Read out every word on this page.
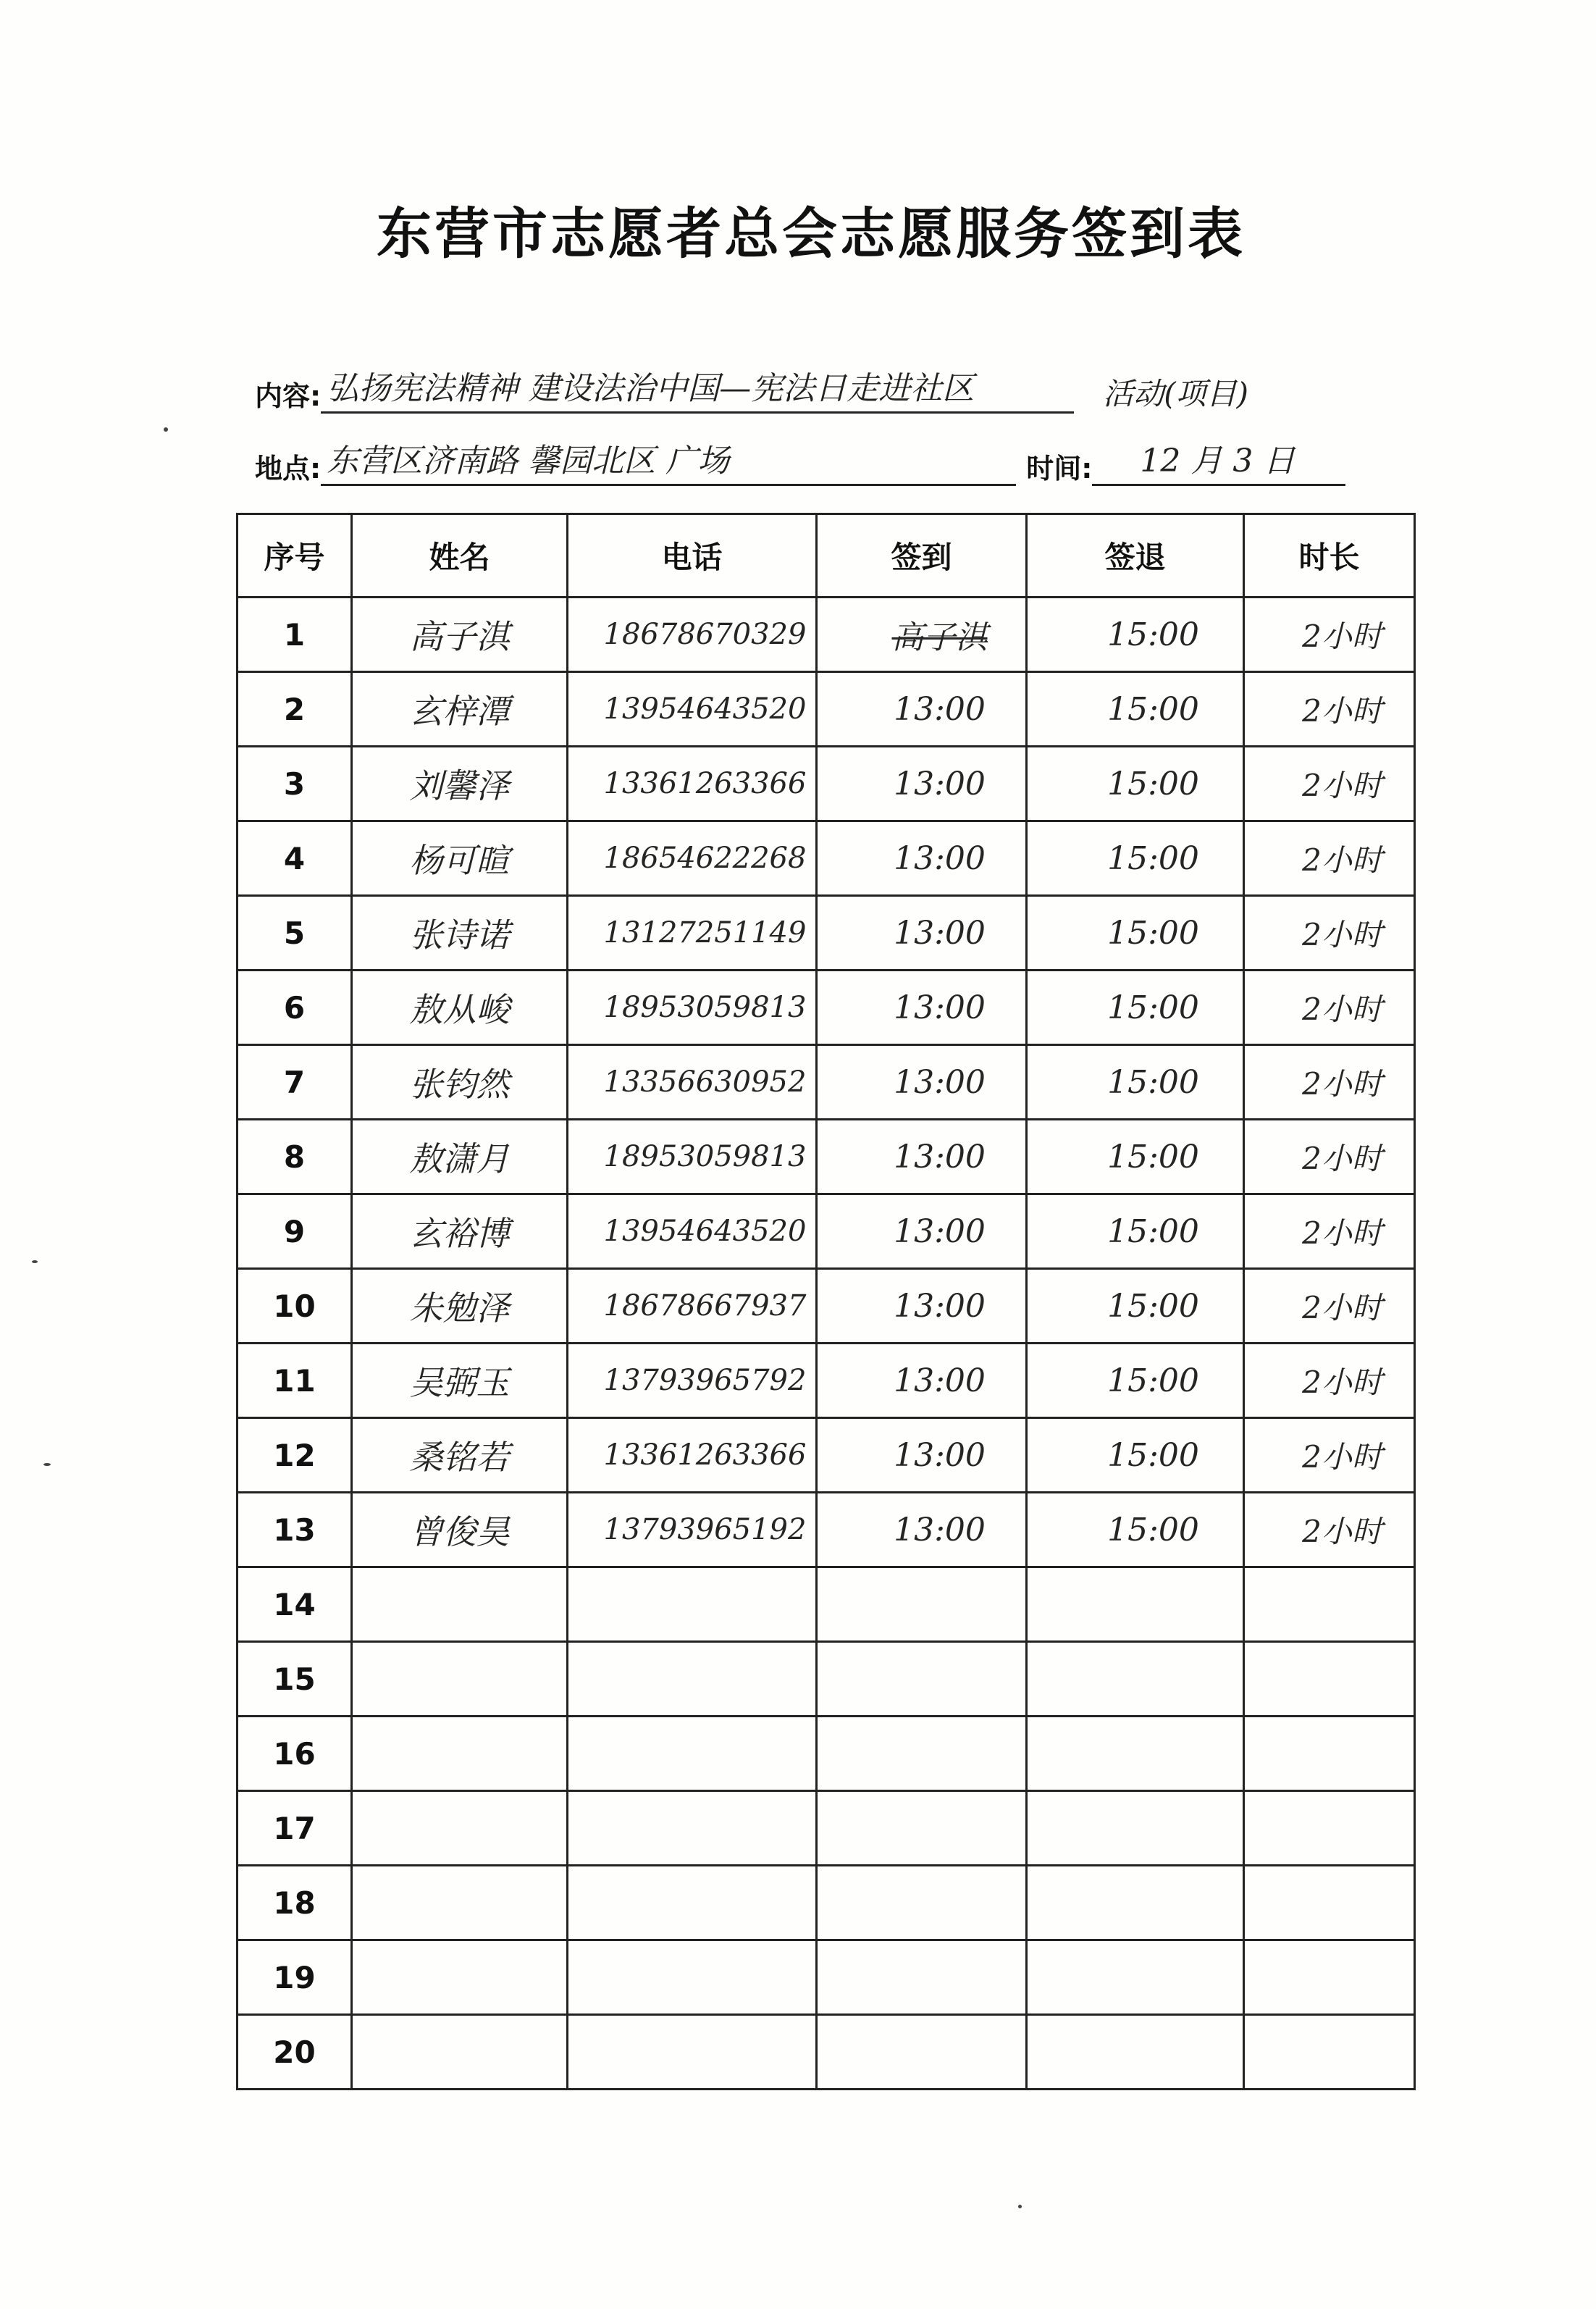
东营市志愿者总会志愿服务签到表
内容: 弘扬宪法精神 建设法治中国—宪法日走进社区	活动(项目)
地点: 东营区济南路 馨园北区 广场	时间:	12 月 3 日
序号	姓名	电话	签到	签退	时长
1	高子淇	18678670329	高子淇	15:00	2小时
2	玄梓潭	13954643520	13:00	15:00	2小时
3	刘馨泽	13361263366	13:00	15:00	2小时
4	杨可暄	18654622268	13:00	15:00	2小时
5	张诗诺	13127251149	13:00	15:00	2小时
6	敖从峻	18953059813	13:00	15:00	2小时
7	张钧然	13356630952	13:00	15:00	2小时
8	敖潇月	18953059813	13:00	15:00	2小时
9	玄裕博	13954643520	13:00	15:00	2小时
10	朱勉泽	18678667937	13:00	15:00	2小时
11	吴弼玉	13793965792	13:00	15:00	2小时
12	桑铭若	13361263366	13:00	15:00	2小时
13	曾俊昊	13793965192	13:00	15:00	2小时
14					
15					
16					
17					
18					
19					
20					
